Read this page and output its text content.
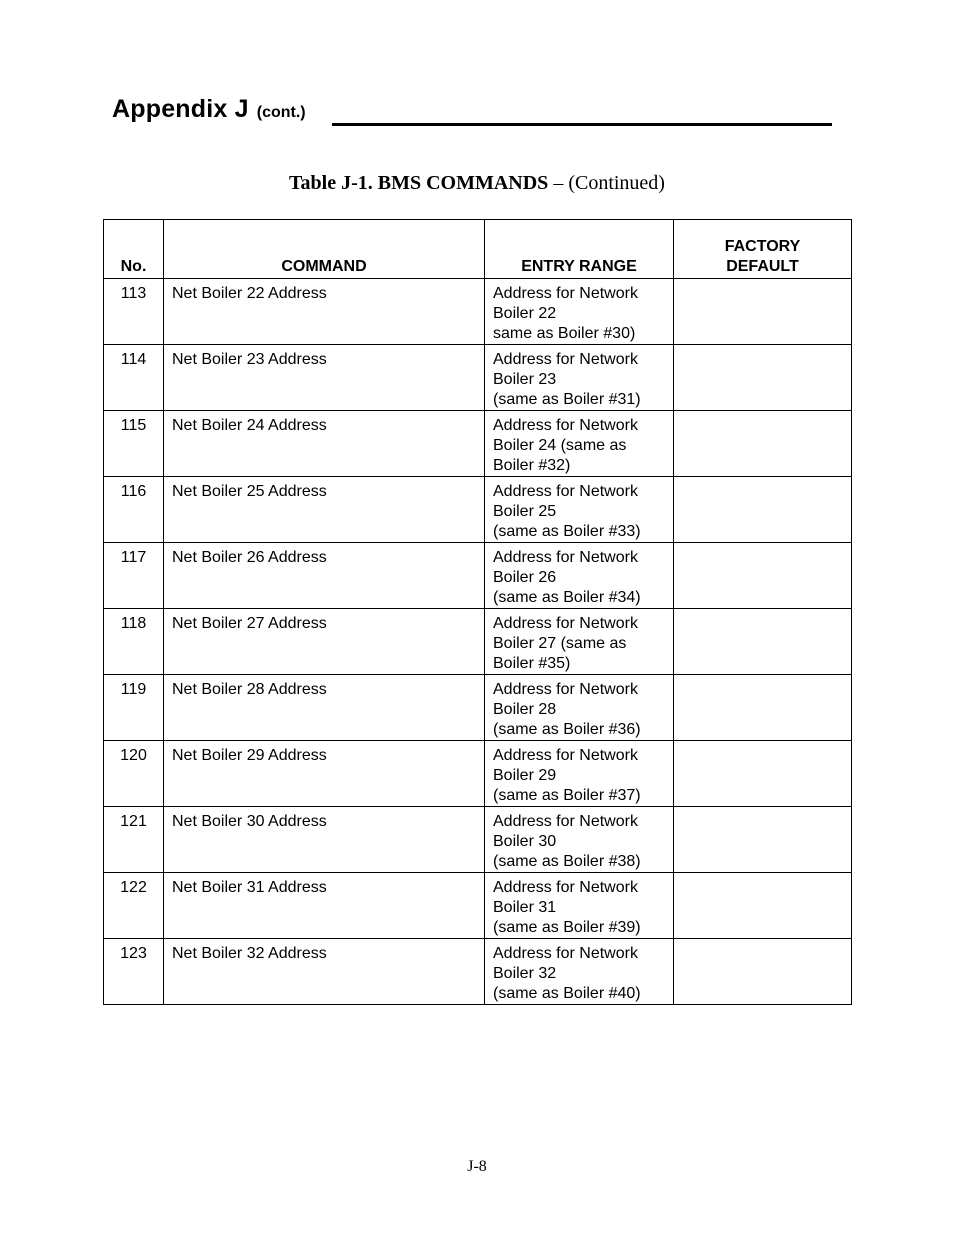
Appendix J (cont.)
Table J-1. BMS COMMANDS – (Continued)
No.	COMMAND	ENTRY RANGE	FACTORY
DEFAULT

113	Net Boiler 22 Address	Address for Network
Boiler 22
same as Boiler #30)	

114	Net Boiler 23 Address	Address for Network
Boiler 23
(same as Boiler #31)	

115	Net Boiler 24 Address	Address for Network
Boiler 24 (same as
Boiler #32)	

116	Net Boiler 25 Address	Address for Network
Boiler 25
(same as Boiler #33)	

117	Net Boiler 26 Address	Address for Network
Boiler 26
(same as Boiler #34)	

118	Net Boiler 27 Address	Address for Network
Boiler 27 (same as
Boiler #35)	

119	Net Boiler 28 Address	Address for Network
Boiler 28
(same as Boiler #36)	

120	Net Boiler 29 Address	Address for Network
Boiler 29
(same as Boiler #37)	

121	Net Boiler 30 Address	Address for Network
Boiler 30
(same as Boiler #38)	

122	Net Boiler 31 Address	Address for Network
Boiler 31
(same as Boiler #39)	

123	Net Boiler 32 Address	Address for Network
Boiler 32
(same as Boiler #40)	

J-8
